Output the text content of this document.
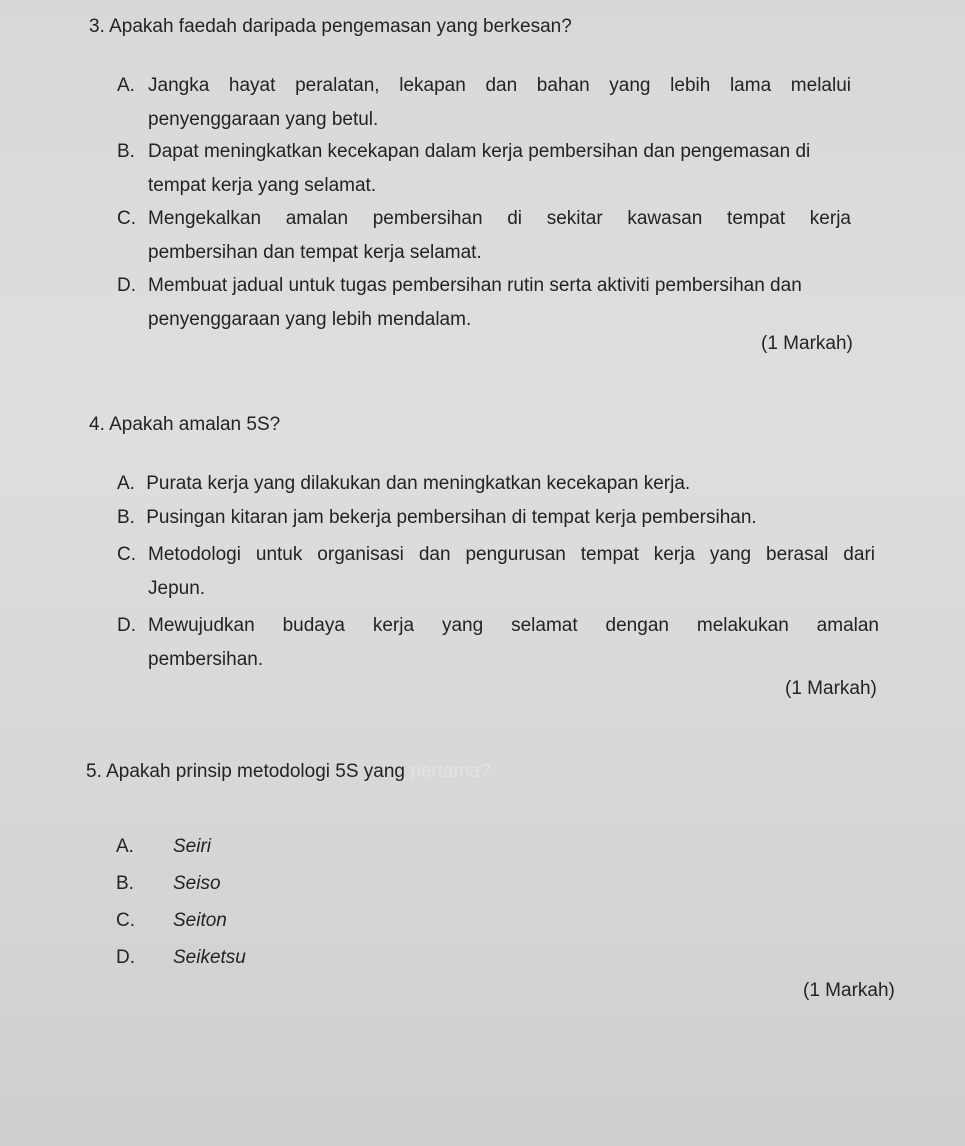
3. Apakah faedah daripada pengemasan yang berkesan?
A. Jangka hayat peralatan, lekapan dan bahan yang lebih lama melalui
penyenggaraan yang betul.
B. Dapat meningkatkan kecekapan dalam kerja pembersihan dan pengemasan di
tempat kerja yang selamat.
C. Mengekalkan amalan pembersihan di sekitar kawasan tempat kerja
pembersihan dan tempat kerja selamat.
D. Membuat jadual untuk tugas pembersihan rutin serta aktiviti pembersihan dan
penyenggaraan yang lebih mendalam.
(1 Markah)
4. Apakah amalan 5S?
A. Purata kerja yang dilakukan dan meningkatkan kecekapan kerja.
B. Pusingan kitaran jam bekerja pembersihan di tempat kerja pembersihan.
C. Metodologi untuk organisasi dan pengurusan tempat kerja yang berasal dari
Jepun.
D. Mewujudkan budaya kerja yang selamat dengan melakukan amalan
pembersihan.
(1 Markah)
5. Apakah prinsip metodologi 5S yang pertama?
A. Seiri
B. Seiso
C. Seiton
D. Seiketsu
(1 Markah)
